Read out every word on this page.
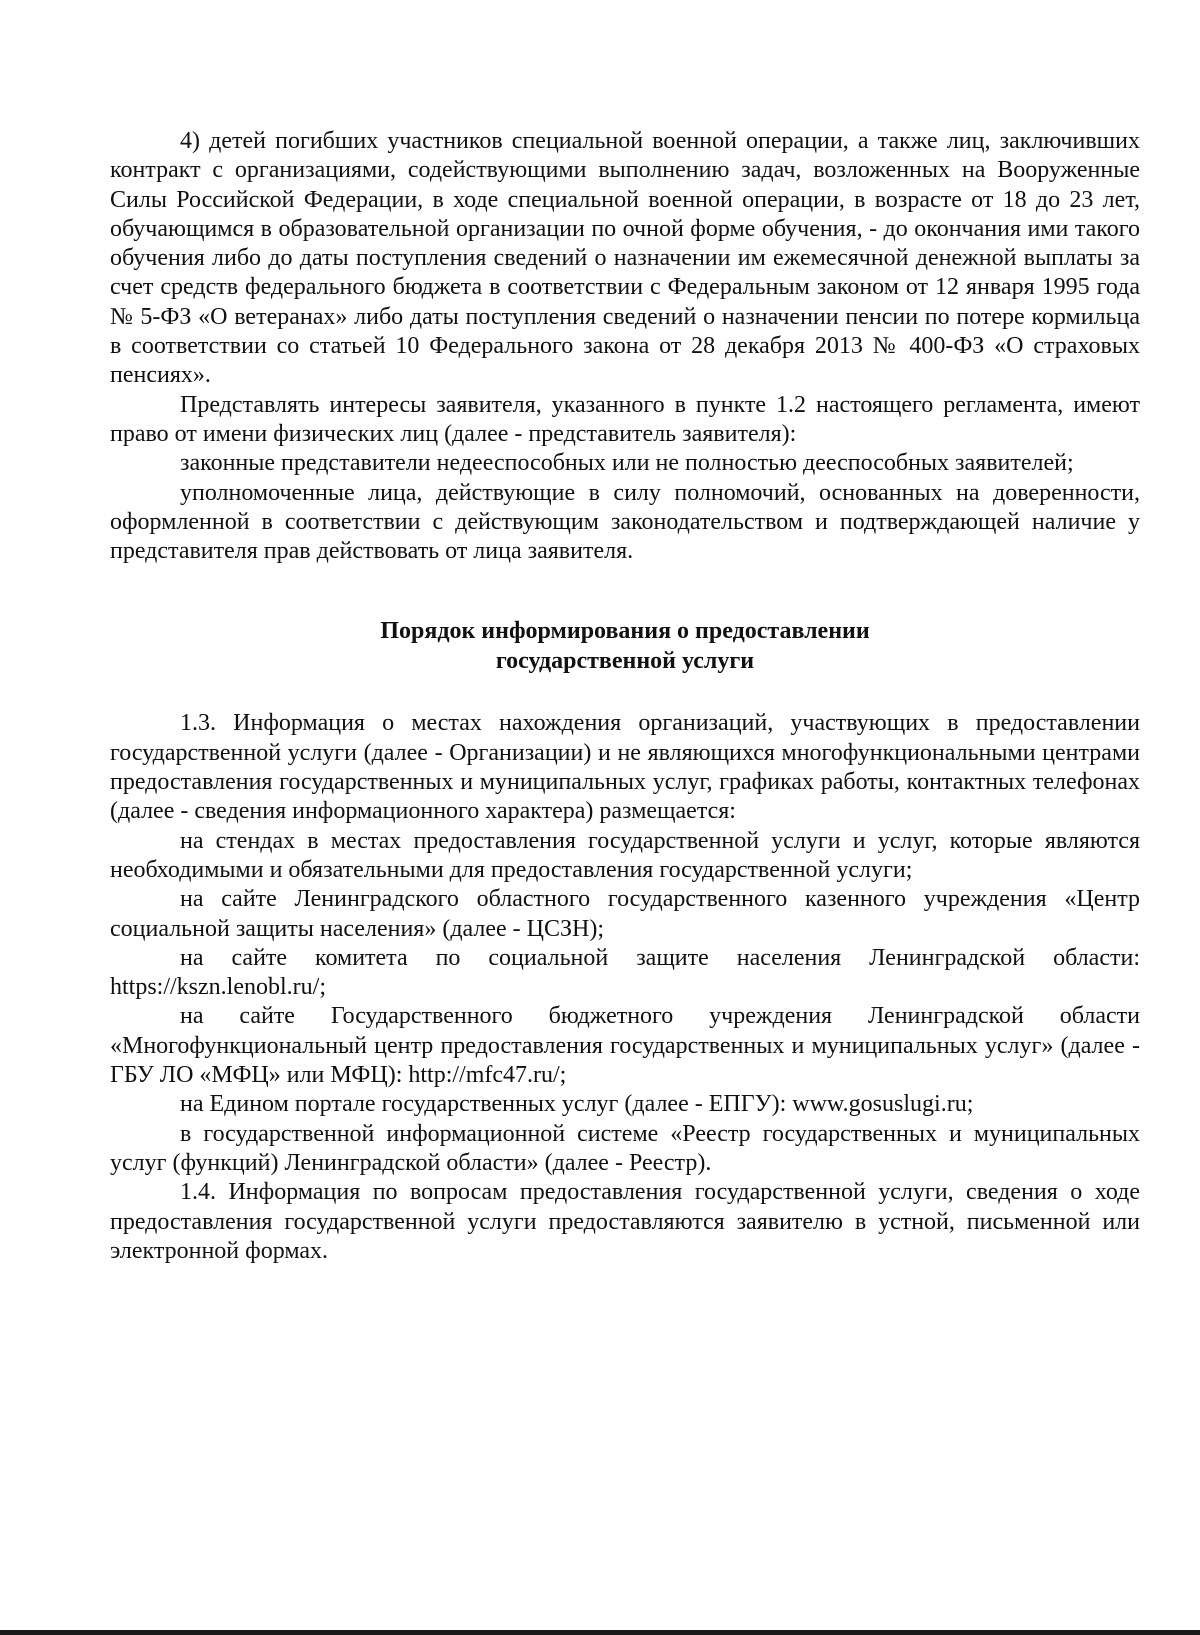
4) детей погибших участников специальной военной операции, а также лиц, заключивших контракт с организациями, содействующими выполнению задач, возложенных на Вооруженные Силы Российской Федерации, в ходе специальной военной операции, в возрасте от 18 до 23 лет, обучающимся в образовательной организации по очной форме обучения, - до окончания ими такого обучения либо до даты поступления сведений о назначении им ежемесячной денежной выплаты за счет средств федерального бюджета в соответствии с Федеральным законом от 12 января 1995 года № 5-ФЗ «О ветеранах» либо даты поступления сведений о назначении пенсии по потере кормильца в соответствии со статьей 10 Федерального закона от 28 декабря 2013 № 400-ФЗ «О страховых пенсиях».

Представлять интересы заявителя, указанного в пункте 1.2 настоящего регламента, имеют право от имени физических лиц (далее - представитель заявителя):

законные представители недееспособных или не полностью дееспособных заявителей;

уполномоченные лица, действующие в силу полномочий, основанных на доверенности, оформленной в соответствии с действующим законодательством и подтверждающей наличие у представителя прав действовать от лица заявителя.

Порядок информирования о предоставлении
государственной услуги

1.3. Информация о местах нахождения организаций, участвующих в предоставлении государственной услуги (далее - Организации) и не являющихся многофункциональными центрами предоставления государственных и муниципальных услуг, графиках работы, контактных телефонах (далее - сведения информационного характера) размещается:

на стендах в местах предоставления государственной услуги и услуг, которые являются необходимыми и обязательными для предоставления государственной услуги;

на сайте Ленинградского областного государственного казенного учреждения «Центр социальной защиты населения» (далее - ЦСЗН);

на сайте комитета по социальной защите населения Ленинградской области: https://kszn.lenobl.ru/;

на сайте Государственного бюджетного учреждения Ленинградской области «Многофункциональный центр предоставления государственных и муниципальных услуг» (далее - ГБУ ЛО «МФЦ» или МФЦ): http://mfc47.ru/;

на Едином портале государственных услуг (далее - ЕПГУ): www.gosuslugi.ru;

в государственной информационной системе «Реестр государственных и муниципальных услуг (функций) Ленинградской области» (далее - Реестр).

1.4. Информация по вопросам предоставления государственной услуги, сведения о ходе предоставления государственной услуги предоставляются заявителю в устной, письменной или электронной формах.
